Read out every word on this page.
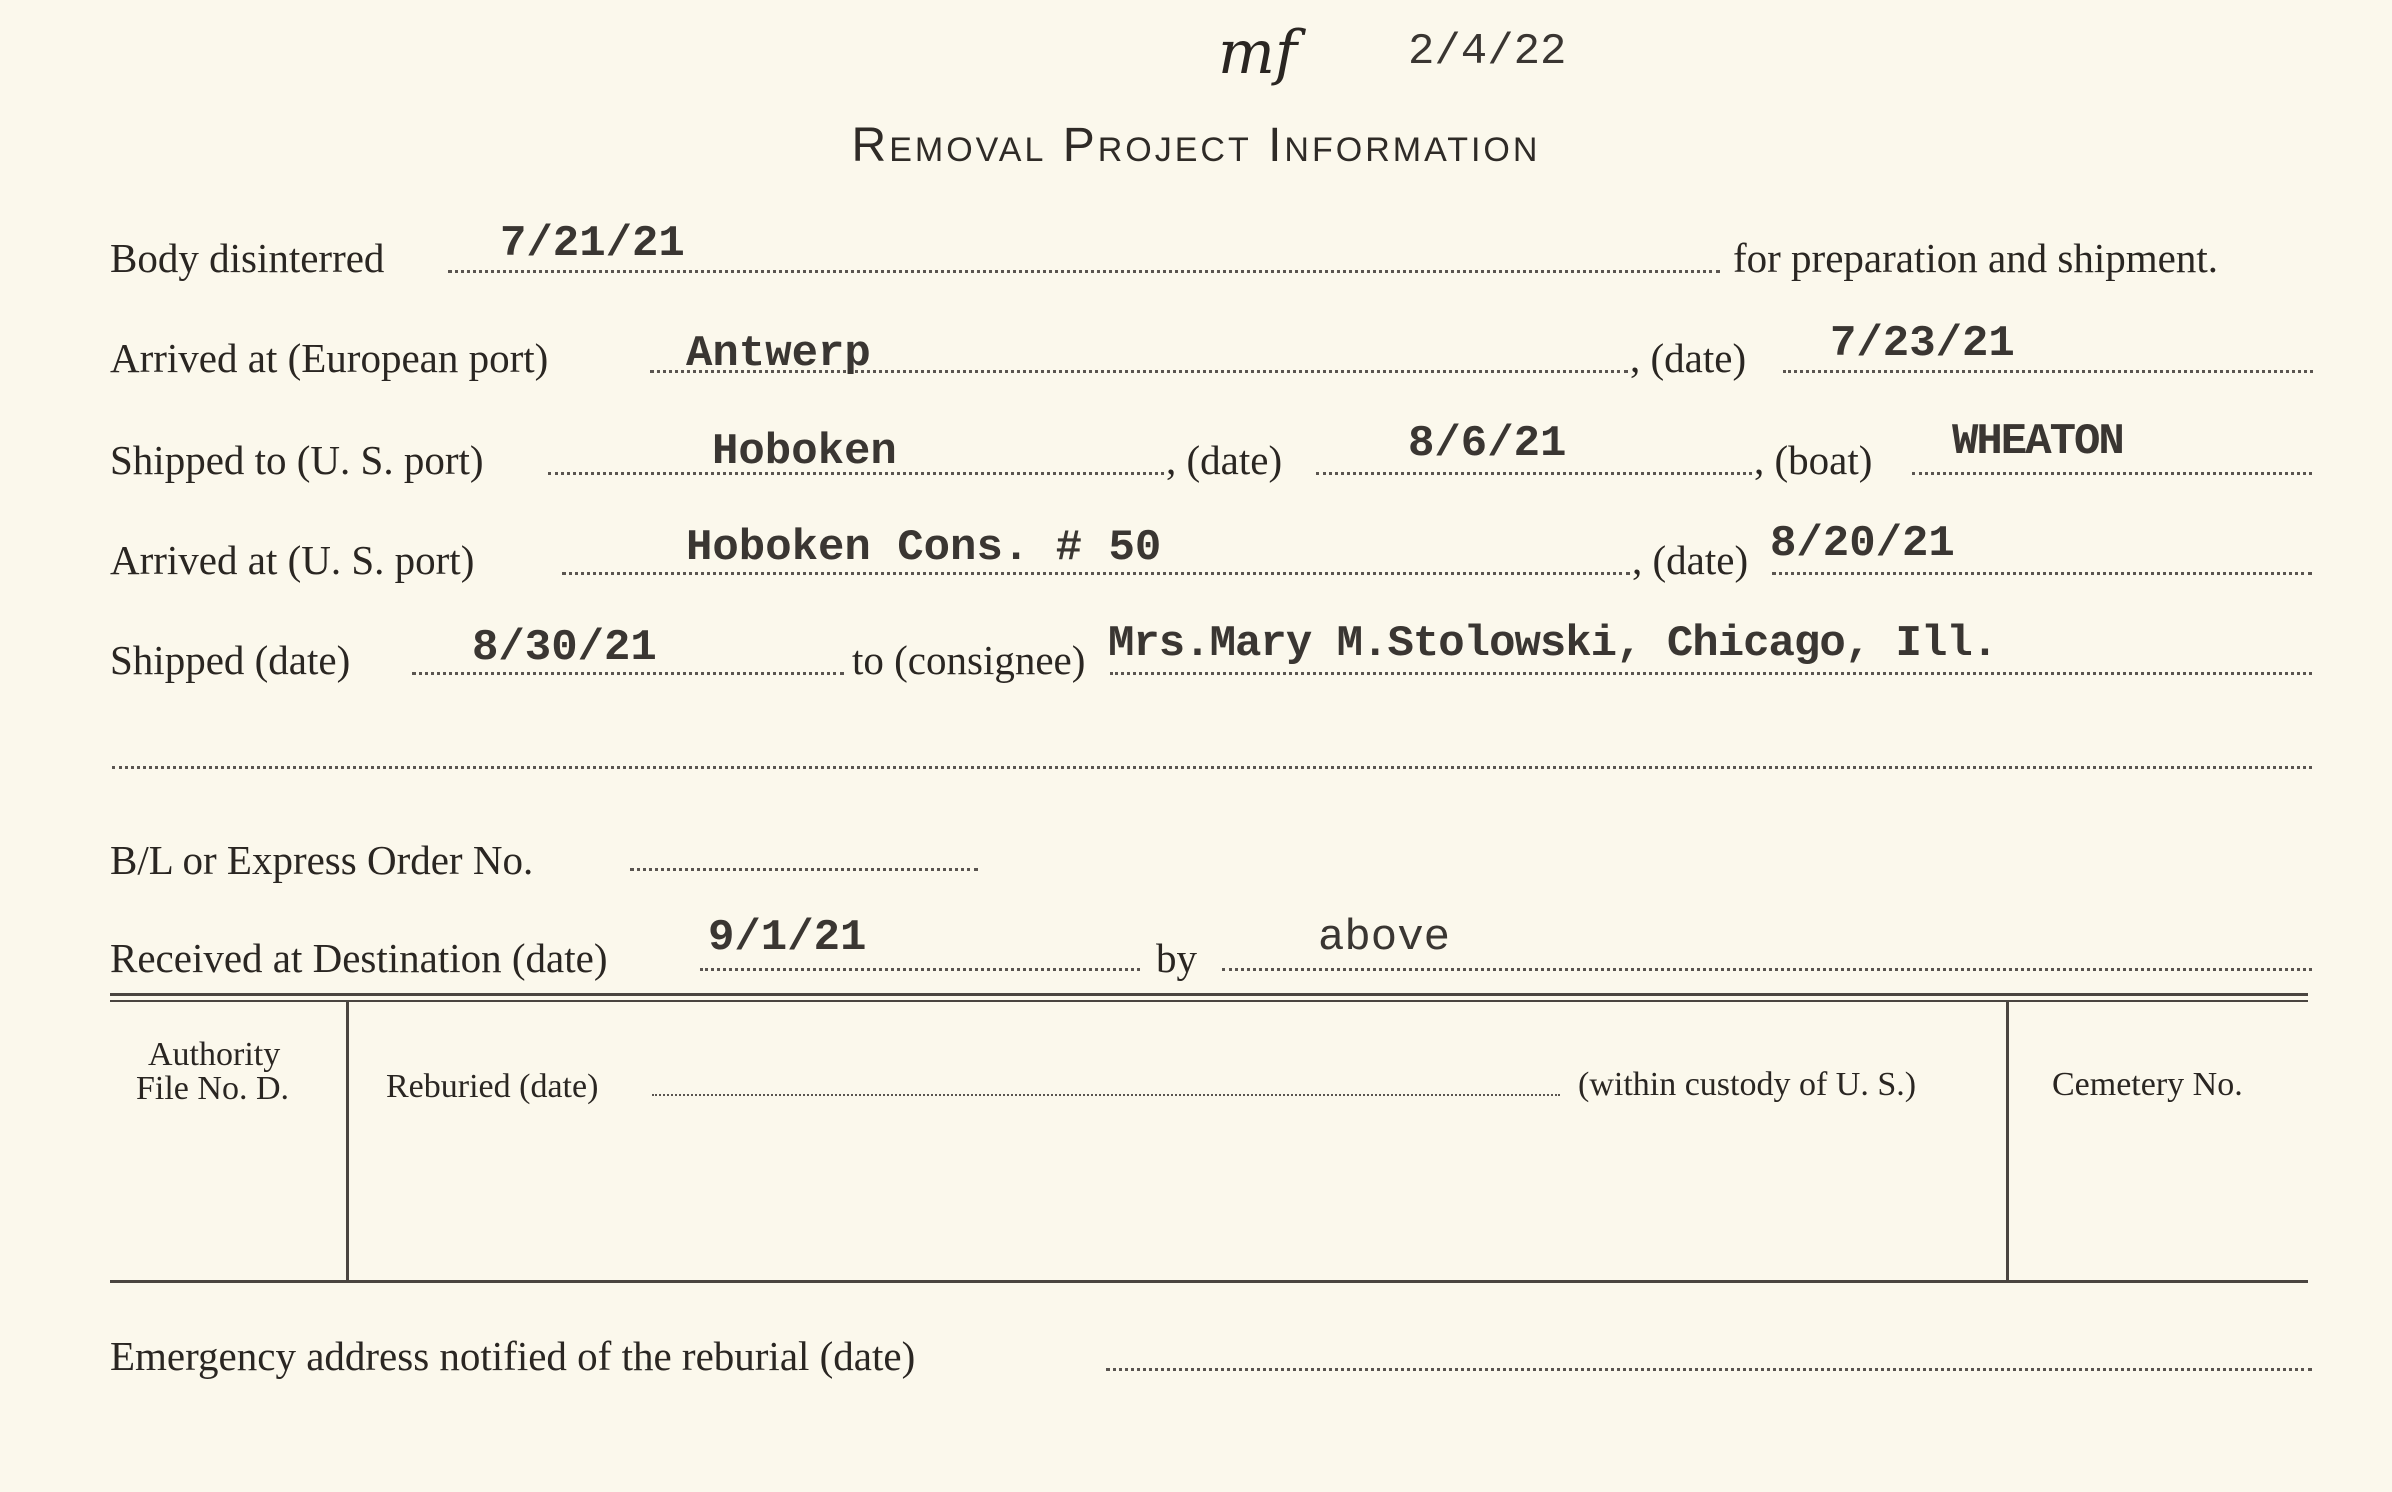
mf	2/4/22
Removal Project Information
Body disinterred	7/21/21	for preparation and shipment.
Arrived at (European port)	Antwerp	, (date) 7/23/21
Shipped to (U. S. port)	Hoboken	, (date)	8/6/21	, (boat) WHEATON
Arrived at (U. S. port)	Hoboken Cons. # 50	, (date) 8/20/21
Shipped (date)	8/30/21	to (consignee) Mrs.Mary M.Stolowski, Chicago, Ill.
B/L or Express Order No.
Received at Destination (date) 9/1/21	by	above
Authority
File No. D.	Reburied (date)	(within custody of U. S.)	Cemetery No.
Emergency address notified of the reburial (date)
